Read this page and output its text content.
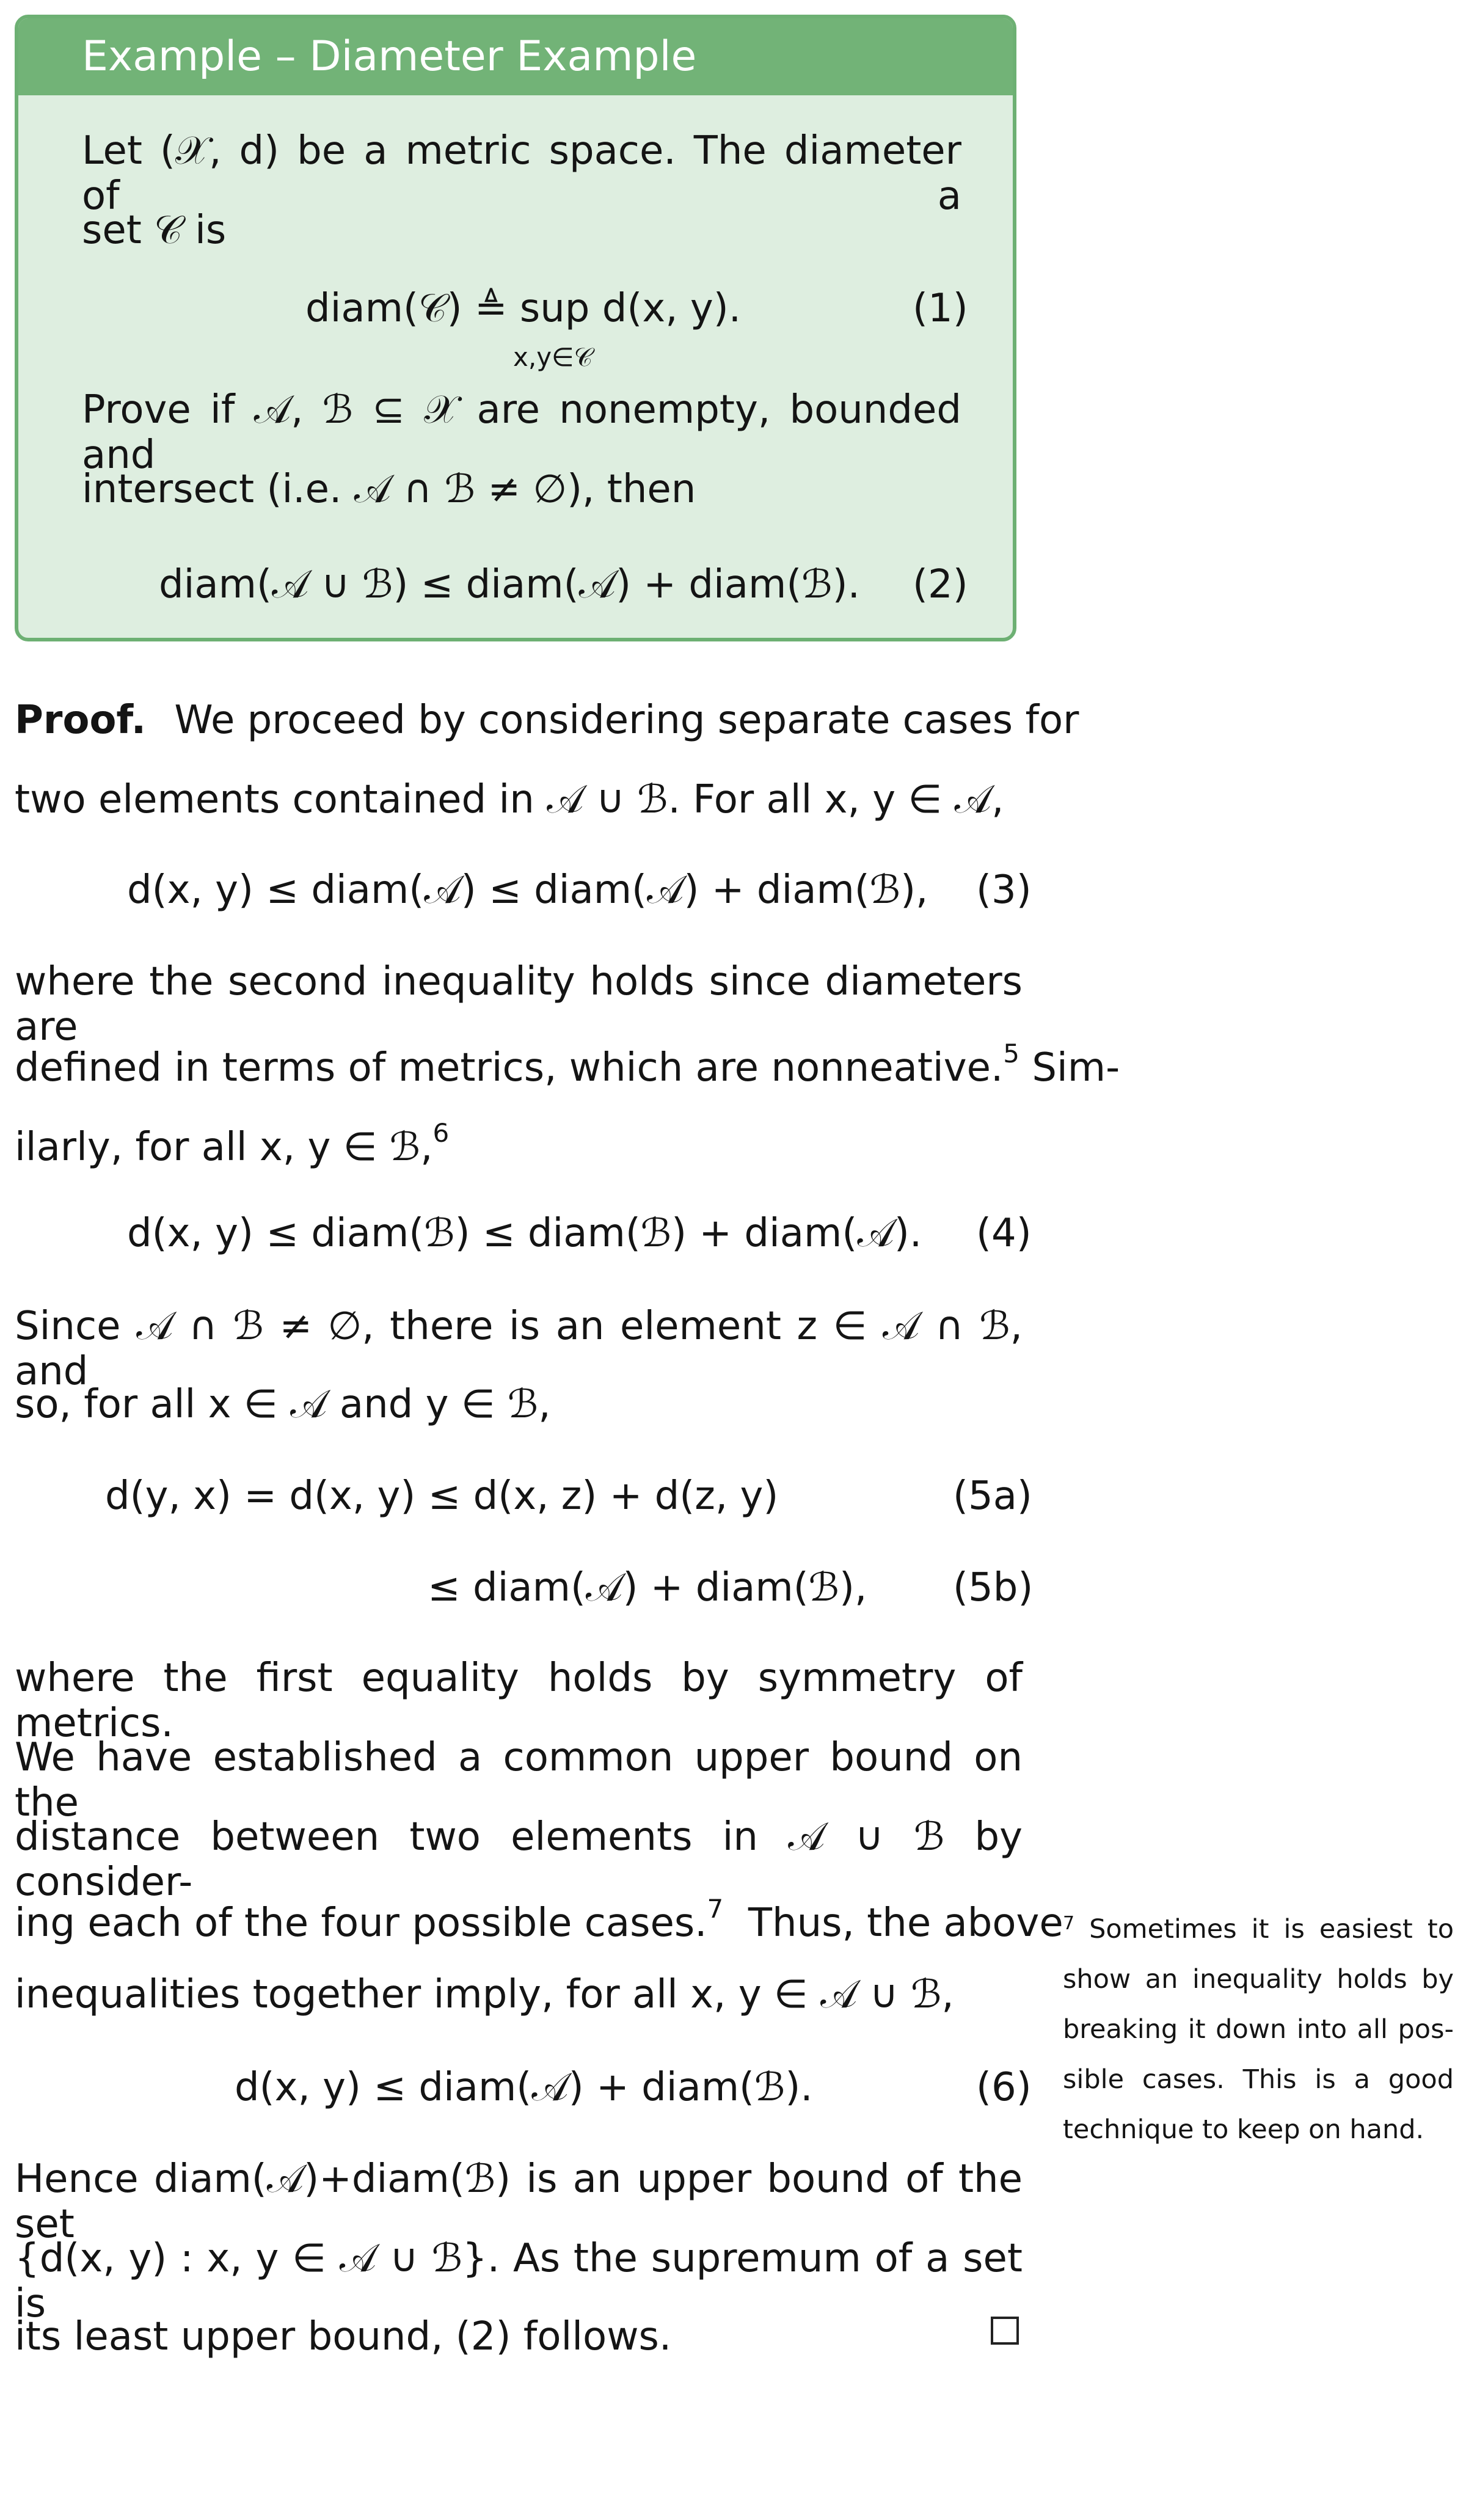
Example – Diameter Example
Let (𝒳, d) be a metric space. The diameter of a
set 𝒞 is
diam(𝒞) ≜ sup d(x, y).
x,y∈𝒞
(1)
Prove if 𝒜, ℬ ⊆ 𝒳 are nonempty, bounded and
intersect (i.e. 𝒜 ∩ ℬ ≠ ∅), then
diam(𝒜 ∪ ℬ) ≤ diam(𝒜) + diam(ℬ). (2)
Proof. We proceed by considering separate cases for
two elements contained in 𝒜 ∪ ℬ. For all x, y ∈ 𝒜,
d(x, y) ≤ diam(𝒜) ≤ diam(𝒜) + diam(ℬ), (3)
where the second inequality holds since diameters are
defined in terms of metrics, which are nonneative.$^5$ Sim-
ilarly, for all x, y ∈ ℬ,$^6$
d(x, y) ≤ diam(ℬ) ≤ diam(ℬ) + diam(𝒜). (4)
Since 𝒜 ∩ ℬ ≠ ∅, there is an element z ∈ 𝒜 ∩ ℬ, and
so, for all x ∈ 𝒜 and y ∈ ℬ,
d(y, x) = d(x, y) ≤ d(x, z) + d(z, y)	(5a)
≤ diam(𝒜) + diam(ℬ), (5b)
where the first equality holds by symmetry of metrics.
We have established a common upper bound on the
distance between two elements in 𝒜 ∪ ℬ by consider-
ing each of the four possible cases.$^7$  Thus, the above
inequalities together imply, for all x, y ∈ 𝒜 ∪ ℬ,
d(x, y) ≤ diam(𝒜) + diam(ℬ).	(6)
Hence diam(𝒜)+diam(ℬ) is an upper bound of the set
{d(x, y) : x, y ∈ 𝒜 ∪ ℬ}. As the supremum of a set is
its least upper bound, (2) follows.
$^7$ Sometimes it is easiest to
show an inequality holds by
breaking it down into all pos-
sible cases. This is a good
technique to keep on hand.
